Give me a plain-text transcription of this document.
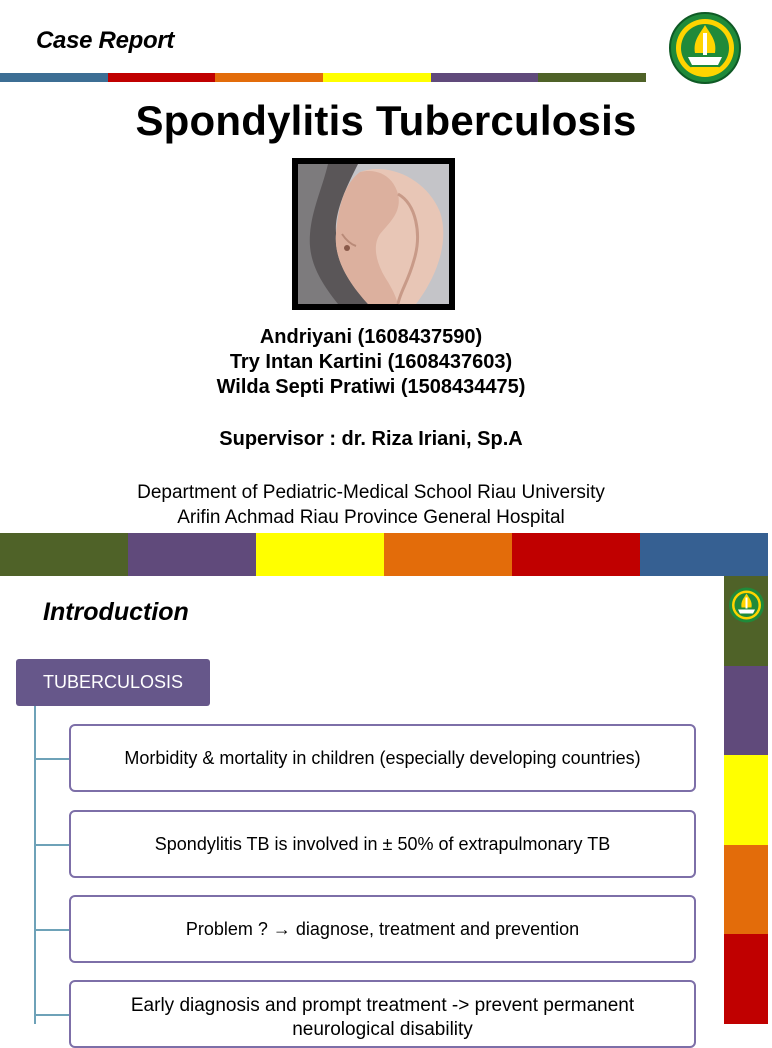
Case Report
Spondylitis Tuberculosis
Andriyani (1608437590)
Try Intan Kartini (1608437603)
Wilda Septi Pratiwi (1508434475)
Supervisor : dr. Riza Iriani, Sp.A
Department of Pediatric-Medical School Riau University
Arifin Achmad Riau Province General Hospital
Introduction
TUBERCULOSIS
Morbidity & mortality in children (especially developing countries)
Spondylitis TB is involved in ± 50% of extrapulmonary TB
Problem ? → diagnose, treatment and prevention
Early diagnosis and prompt treatment -> prevent permanent neurological disability
